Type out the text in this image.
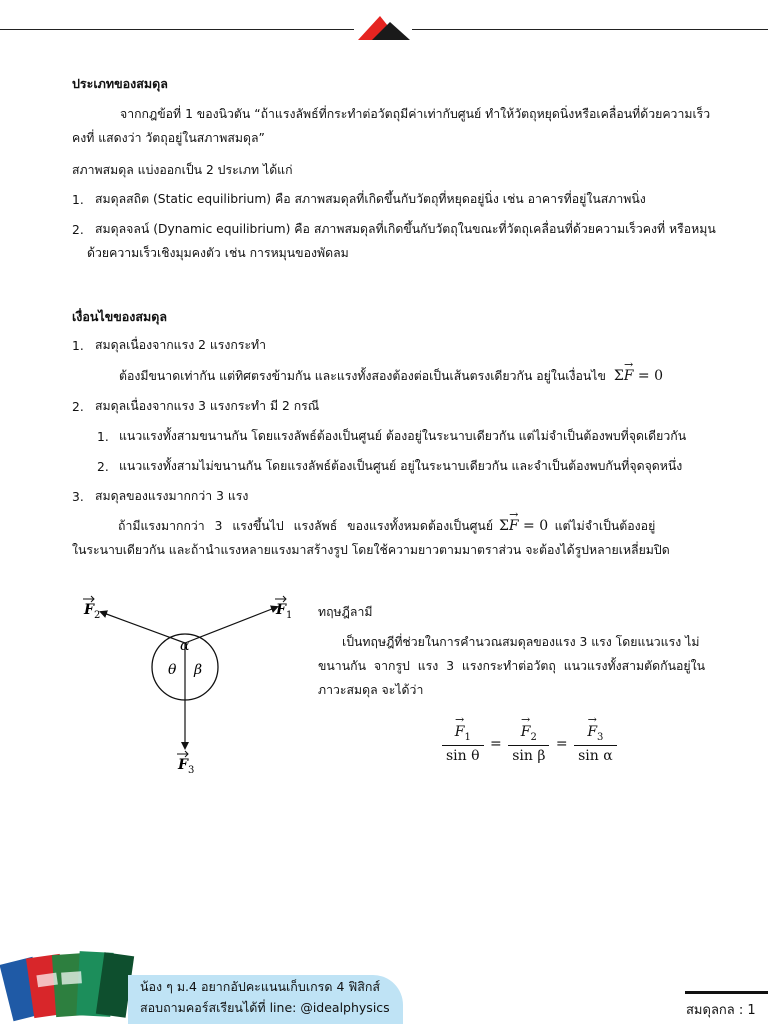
ประเภทของสมดุล
จากกฎข้อที่ 1 ของนิวตัน “ถ้าแรงลัพธ์ที่กระทำต่อวัตถุมีค่าเท่ากับศูนย์ ทำให้วัตถุหยุดนิ่งหรือเคลื่อนที่ด้วยความเร็ว
คงที่ แสดงว่า วัตถุอยู่ในสภาพสมดุล”
สภาพสมดุล แบ่งออกเป็น 2 ประเภท ได้แก่
1. สมดุลสถิต (Static equilibrium) คือ สภาพสมดุลที่เกิดขึ้นกับวัตถุที่หยุดอยู่นิ่ง เช่น อาคารที่อยู่ในสภาพนิ่ง
2. สมดุลจลน์ (Dynamic equilibrium) คือ สภาพสมดุลที่เกิดขึ้นกับวัตถุในขณะที่วัตถุเคลื่อนที่ด้วยความเร็วคงที่ หรือหมุน
ด้วยความเร็วเชิงมุมคงตัว เช่น การหมุนของพัดลม
เงื่อนไขของสมดุล
1. สมดุลเนื่องจากแรง 2 แรงกระทำ
ต้องมีขนาดเท่ากัน แต่ทิศตรงข้ามกัน และแรงทั้งสองต้องต่อเป็นเส้นตรงเดียวกัน อยู่ในเงื่อนไข Σ→ F = 0
2. สมดุลเนื่องจากแรง 3 แรงกระทำ มี 2 กรณี
1. แนวแรงทั้งสามขนานกัน โดยแรงลัพธ์ต้องเป็นศูนย์ ต้องอยู่ในระนาบเดียวกัน แต่ไม่จำเป็นต้องพบที่จุดเดียวกัน
2. แนวแรงทั้งสามไม่ขนานกัน โดยแรงลัพธ์ต้องเป็นศูนย์ อยู่ในระนาบเดียวกัน และจำเป็นต้องพบกันที่จุดจุดหนึ่ง
3. สมดุลของแรงมากกว่า 3 แรง
ถ้ามีแรงมากกว่า 3 แรงขึ้นไป แรงลัพธ์ ของแรงทั้งหมดต้องเป็นศูนย์ Σ→ F = 0 แต่ไม่จำเป็นต้องอยู่
ในระนาบเดียวกัน และถ้านำแรงหลายแรงมาสร้างรูป โดยใช้ความยาวตามมาตราส่วน จะต้องได้รูปหลายเหลี่ยมปิด
α
θ β
F 1
F 2
F 3
ทฤษฎีลามี
เป็นทฤษฎีที่ช่วยในการคำนวณสมดุลของแรง 3 แรง โดยแนวแรง ไม่
ขนานกัน จากรูป แรง 3 แรงกระทำต่อวัตถุ แนวแรงทั้งสามตัดกันอยู่ใน
ภาวะสมดุล จะได้ว่า
→ $\frac{F_1}{\text{sin θ}}$ = → $\frac{F_2}{\text{sin β}}$ = → $\frac{F_3}{\text{sin α}}$
น้อง ๆ ม.4 อยากอัปคะแนนเก็บเกรด 4 ฟิสิกส์
สอบถามคอร์สเรียนได้ที่ line: @idealphysics	สมดุลกล : 1
